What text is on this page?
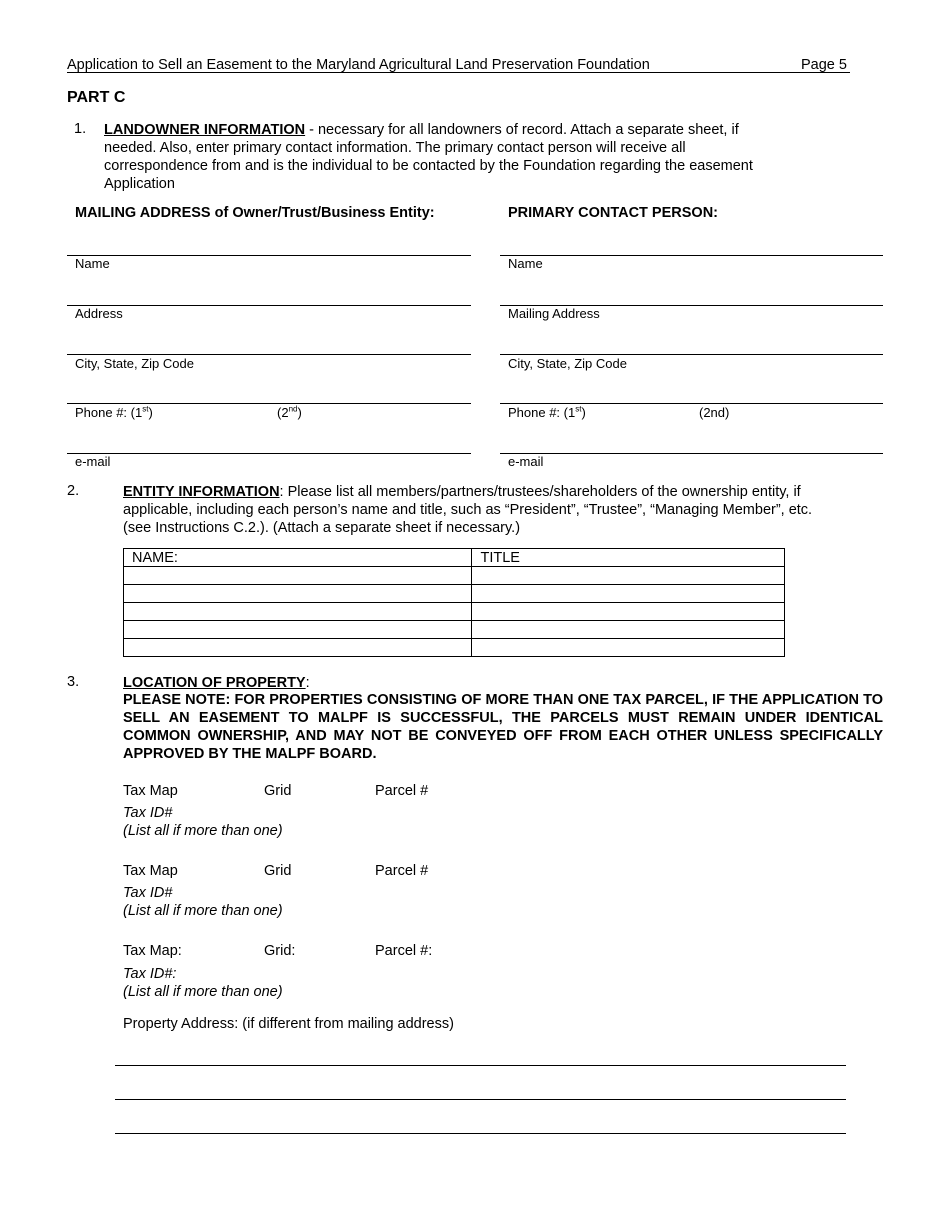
Application to Sell an Easement to the Maryland Agricultural Land Preservation Foundation	Page 5
PART C
1. LANDOWNER INFORMATION - necessary for all landowners of record. Attach a separate sheet, if
needed. Also, enter primary contact information. The primary contact person will receive all
correspondence from and is the individual to be contacted by the Foundation regarding the easement
Application
MAILING ADDRESS of Owner/Trust/Business Entity:	PRIMARY CONTACT PERSON:
Name
Address
City, State, Zip Code
Phone #: (1st)	(2nd)
e-mail
Name
Mailing Address
City, State, Zip Code
Phone #: (1st)	(2nd)
e-mail
2.	ENTITY INFORMATION: Please list all members/partners/trustees/shareholders of the ownership entity, if
applicable, including each person’s name and title, such as “President”, “Trustee”, “Managing Member”, etc.
(see Instructions C.2.). (Attach a separate sheet if necessary.)
NAME:	TITLE

3.	LOCATION OF PROPERTY:
PLEASE NOTE: FOR PROPERTIES CONSISTING OF MORE THAN ONE TAX PARCEL, IF THE APPLICATION TO SELL AN EASEMENT TO MALPF IS SUCCESSFUL, THE PARCELS MUST REMAIN UNDER IDENTICAL COMMON OWNERSHIP, AND MAY NOT BE CONVEYED OFF FROM EACH OTHER UNLESS SPECIFICALLY APPROVED BY THE MALPF BOARD.
Tax Map	Grid	Parcel #
Tax ID#
(List all if more than one)
Tax Map	Grid	Parcel #
Tax ID#
(List all if more than one)
Tax Map:	Grid:	Parcel #:
Tax ID#:
(List all if more than one)
Property Address: (if different from mailing address)
